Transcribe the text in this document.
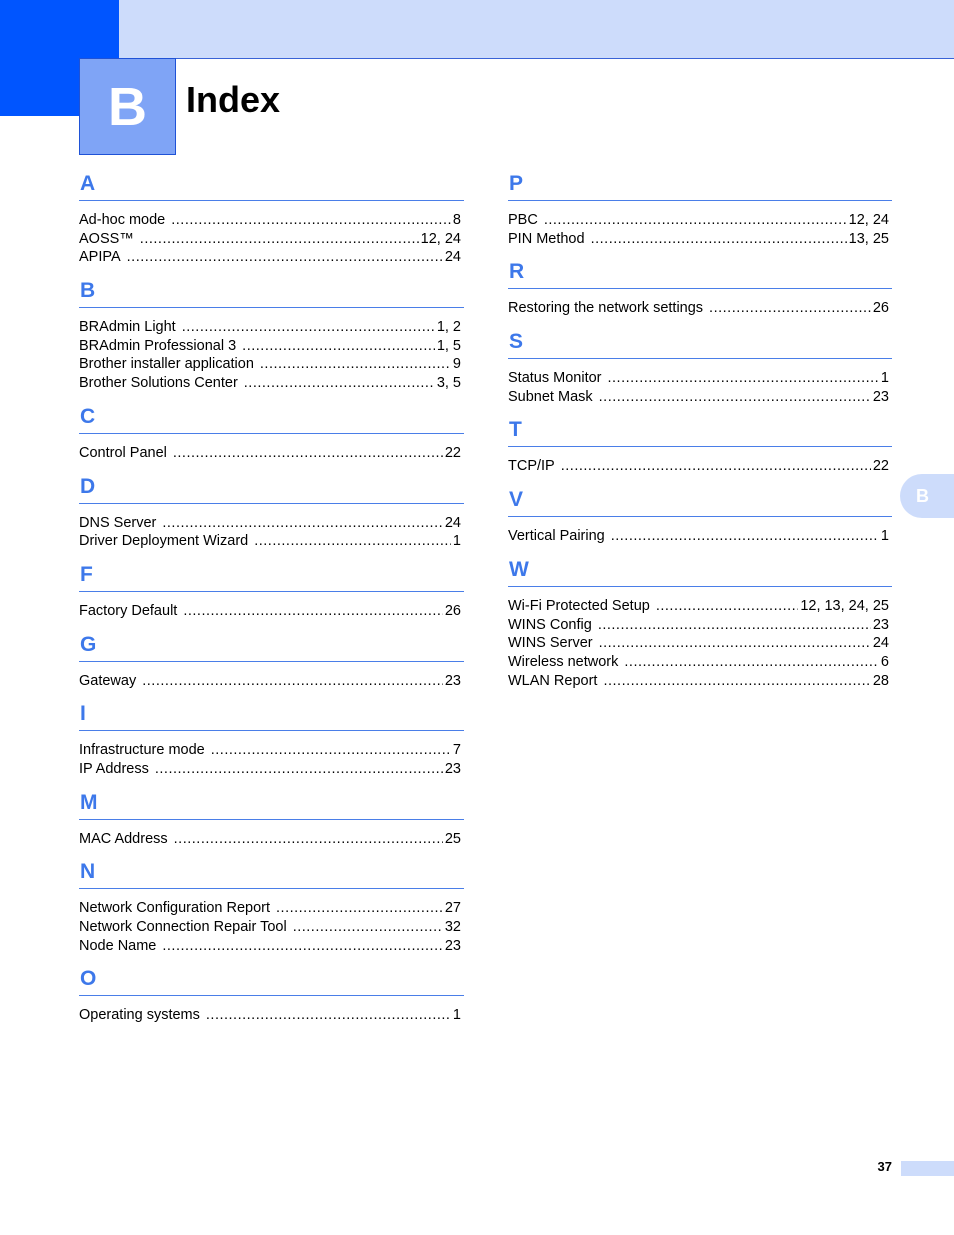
B Index
A
Ad-hoc mode .....	8
AOSS™ .....	12, 24
APIPA .....	24
B
BRAdmin Light .....	1, 2
BRAdmin Professional 3 .....	1, 5
Brother installer application .....	9
Brother Solutions Center .....	3, 5
C
Control Panel .....	22
D
DNS Server .....	24
Driver Deployment Wizard .....	1
F
Factory Default .....	26
G
Gateway .....	23
I
Infrastructure mode .....	7
IP Address .....	23
M
MAC Address .....	25
N
Network Configuration Report .....	27
Network Connection Repair Tool .....	32
Node Name .....	23
O
Operating systems .....	1
P
PBC .....	12, 24
PIN Method .....	13, 25
R
Restoring the network settings .....	26
S
Status Monitor .....	1
Subnet Mask .....	23
T
TCP/IP .....	22
V
Vertical Pairing .....	1
W
Wi-Fi Protected Setup .....	12, 13, 24, 25
WINS Config .....	23
WINS Server .....	24
Wireless network .....	6
WLAN Report .....	28
B
37
